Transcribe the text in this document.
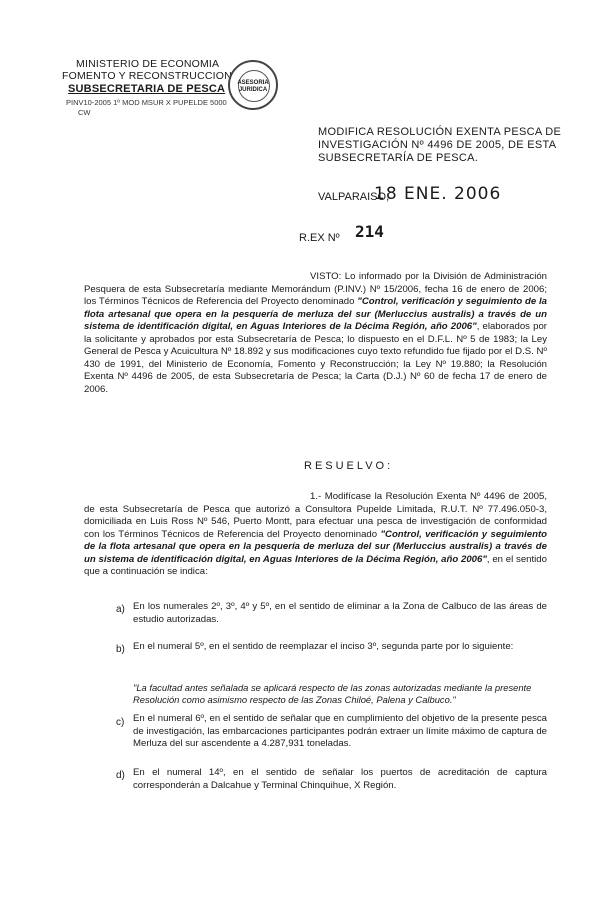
MINISTERIO DE ECONOMIA

FOMENTO Y RECONSTRUCCION

SUBSECRETARIA DE PESCA

PINV10-2005 1º MOD MSUR X PUPELDE 5000

CW

ASESORIA JURIDICA

MODIFICA RESOLUCIÓN EXENTA PESCA DE

INVESTIGACIÓN Nº 4496 DE 2005, DE ESTA

SUBSECRETARÍA DE PESCA.

VALPARAISO,

18 ENE. 2006

R.EX Nº 214

VISTO: Lo informado por la División de Administración Pesquera de esta Subsecretaría mediante Memorándum (P.INV.) Nº 15/2006, fecha 16 de enero de 2006; los Términos Técnicos de Referencia del Proyecto denominado "Control, verificación y seguimiento de la flota artesanal que opera en la pesquería de merluza del sur (Merluccius australis) a través de un sistema de identificación digital, en Aguas Interiores de la Décima Región, año 2006", elaborados por la solicitante y aprobados por esta Subsecretaría de Pesca; lo dispuesto en el D.F.L. Nº 5 de 1983; la Ley General de Pesca y Acuicultura Nº 18.892 y sus modificaciones cuyo texto refundido fue fijado por el D.S. Nº 430 de 1991, del Ministerio de Economía, Fomento y Reconstrucción; la Ley Nº 19.880; la Resolución Exenta Nº 4496 de 2005, de esta Subsecretaría de Pesca; la Carta (D.J.) Nº 60 de fecha 17 de enero de 2006.

RESUELVO:

1.- Modifícase la Resolución Exenta Nº 4496 de 2005, de esta Subsecretaría de Pesca que autorizó a Consultora Pupelde Limitada, R.U.T. Nº 77.496.050-3, domiciliada en Luis Ross Nº 546, Puerto Montt, para efectuar una pesca de investigación de conformidad con los Términos Técnicos de Referencia del Proyecto denominado "Control, verificación y seguimiento de la flota artesanal que opera en la pesquería de merluza del sur (Merluccius australis) a través de un sistema de identificación digital, en Aguas Interiores de la Décima Región, año 2006", en el sentido que a continuación se indica:

a) En los numerales 2º, 3º, 4º y 5º, en el sentido de eliminar a la Zona de Calbuco de las áreas de estudio autorizadas.

b) En el numeral 5º, en el sentido de reemplazar el inciso 3º, segunda parte por lo siguiente:

"La facultad antes señalada se aplicará respecto de las zonas autorizadas mediante la presente Resolución como asimismo respecto de las Zonas Chiloé, Palena y Calbuco."

c) En el numeral 6º, en el sentido de señalar que en cumplimiento del objetivo de la presente pesca de investigación, las embarcaciones participantes podrán extraer un límite máximo de captura de Merluza del sur ascendente a 4.287,931 toneladas.

d) En el numeral 14º, en el sentido de señalar los puertos de acreditación de captura corresponderán a Dalcahue y Terminal Chinquihue, X Región.
